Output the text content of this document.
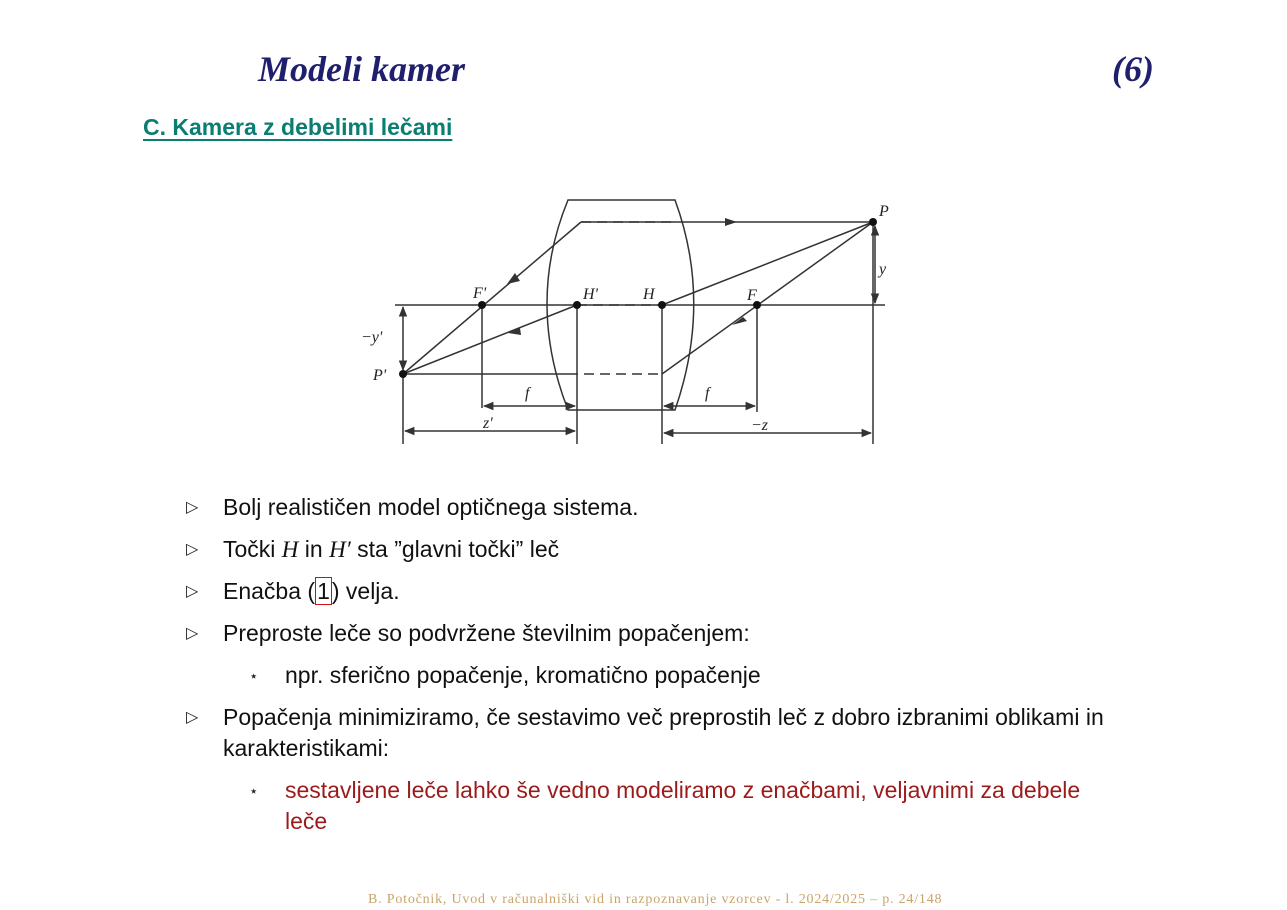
Modeli kamer	(6)
C. Kamera z debelimi lečami
P
P'
F'	H'	H	F
y
−y'
f	f
z'	−z
▷ Bolj realističen model optičnega sistema.
▷ Točki H in H′ sta ”glavni točki” leč
▷ Enačba (1) velja.
▷ Preproste leče so podvržene številnim popačenjem:
⋆ npr. sferično popačenje, kromatično popačenje
▷ Popačenja minimiziramo, če sestavimo več preprostih leč z dobro izbranimi oblikami in karakteristikami:
⋆ sestavljene leče lahko še vedno modeliramo z enačbami, veljavnimi za debele leče
B. Potočnik, Uvod v računalniški vid in razpoznavanje vzorcev - l. 2024/2025 – p. 24/148
